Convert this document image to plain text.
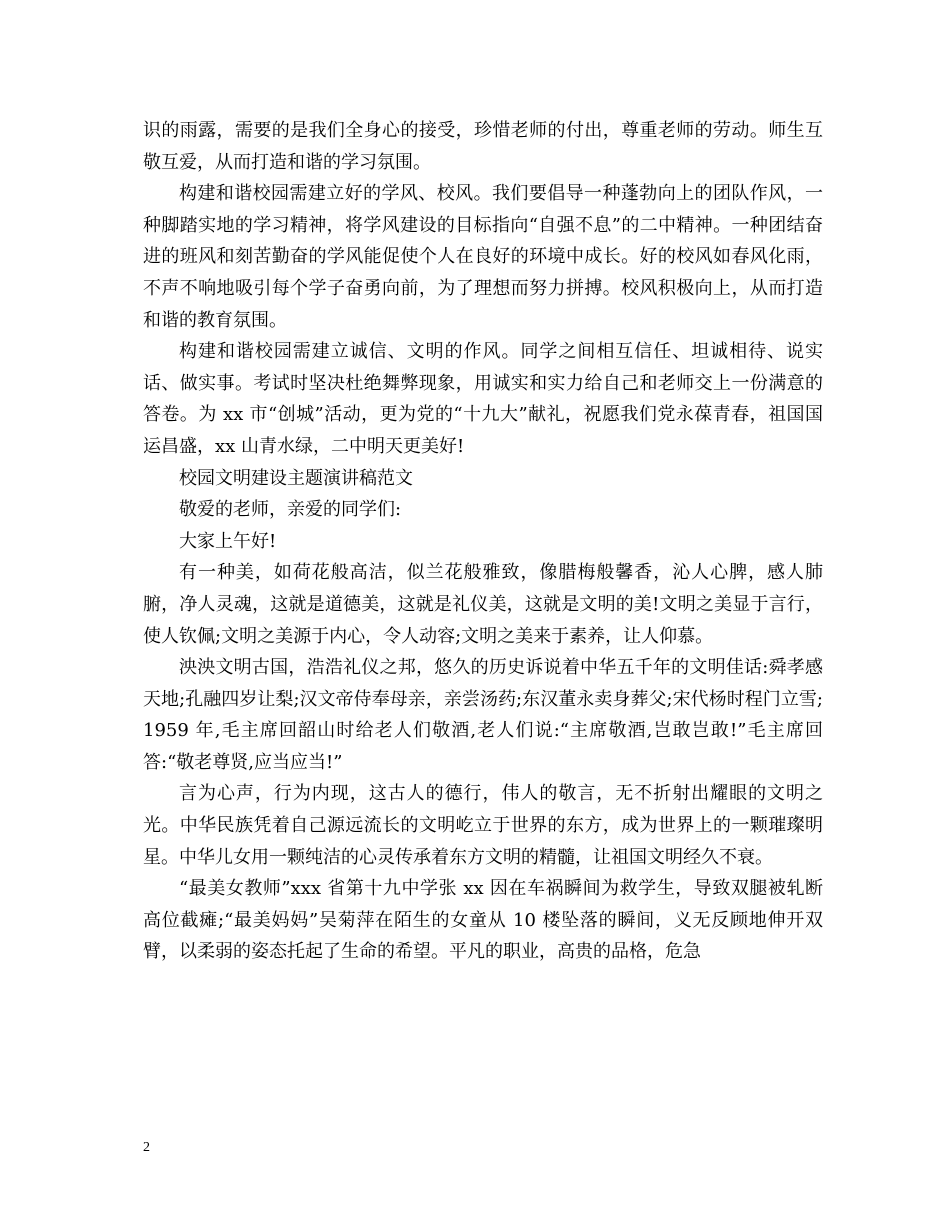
识的雨露，需要的是我们全身心的接受，珍惜老师的付出，尊重老师的劳动。师生互敬互爱，从而打造和谐的学习氛围。

构建和谐校园需建立好的学风、校风。我们要倡导一种蓬勃向上的团队作风，一种脚踏实地的学习精神，将学风建设的目标指向“自强不息”的二中精神。一种团结奋进的班风和刻苦勤奋的学风能促使个人在良好的环境中成长。好的校风如春风化雨，不声不响地吸引每个学子奋勇向前，为了理想而努力拼搏。校风积极向上，从而打造和谐的教育氛围。

构建和谐校园需建立诚信、文明的作风。同学之间相互信任、坦诚相待、说实话、做实事。考试时坚决杜绝舞弊现象，用诚实和实力给自己和老师交上一份满意的答卷。为 xx 市“创城”活动，更为党的“十九大”献礼，祝愿我们党永葆青春，祖国国运昌盛，xx 山青水绿，二中明天更美好!

校园文明建设主题演讲稿范文

敬爱的老师，亲爱的同学们:

大家上午好!

有一种美，如荷花般高洁，似兰花般雅致，像腊梅般馨香，沁人心脾，感人肺腑，净人灵魂，这就是道德美，这就是礼仪美，这就是文明的美!文明之美显于言行，使人钦佩;文明之美源于内心，令人动容;文明之美来于素养，让人仰慕。

泱泱文明古国，浩浩礼仪之邦，悠久的历史诉说着中华五千年的文明佳话:舜孝感天地;孔融四岁让梨;汉文帝侍奉母亲，亲尝汤药;东汉董永卖身葬父;宋代杨时程门立雪;1959 年,毛主席回韶山时给老人们敬酒,老人们说:“主席敬酒,岂敢岂敢!”毛主席回答:“敬老尊贤,应当应当!”

言为心声，行为内现，这古人的德行，伟人的敬言，无不折射出耀眼的文明之光。中华民族凭着自己源远流长的文明屹立于世界的东方，成为世界上的一颗璀璨明星。中华儿女用一颗纯洁的心灵传承着东方文明的精髓，让祖国文明经久不衰。

“最美女教师”xxx 省第十九中学张 xx 因在车祸瞬间为救学生，导致双腿被轧断高位截瘫;“最美妈妈”吴菊萍在陌生的女童从 10 楼坠落的瞬间，义无反顾地伸开双臂，以柔弱的姿态托起了生命的希望。平凡的职业，高贵的品格，危急

2
